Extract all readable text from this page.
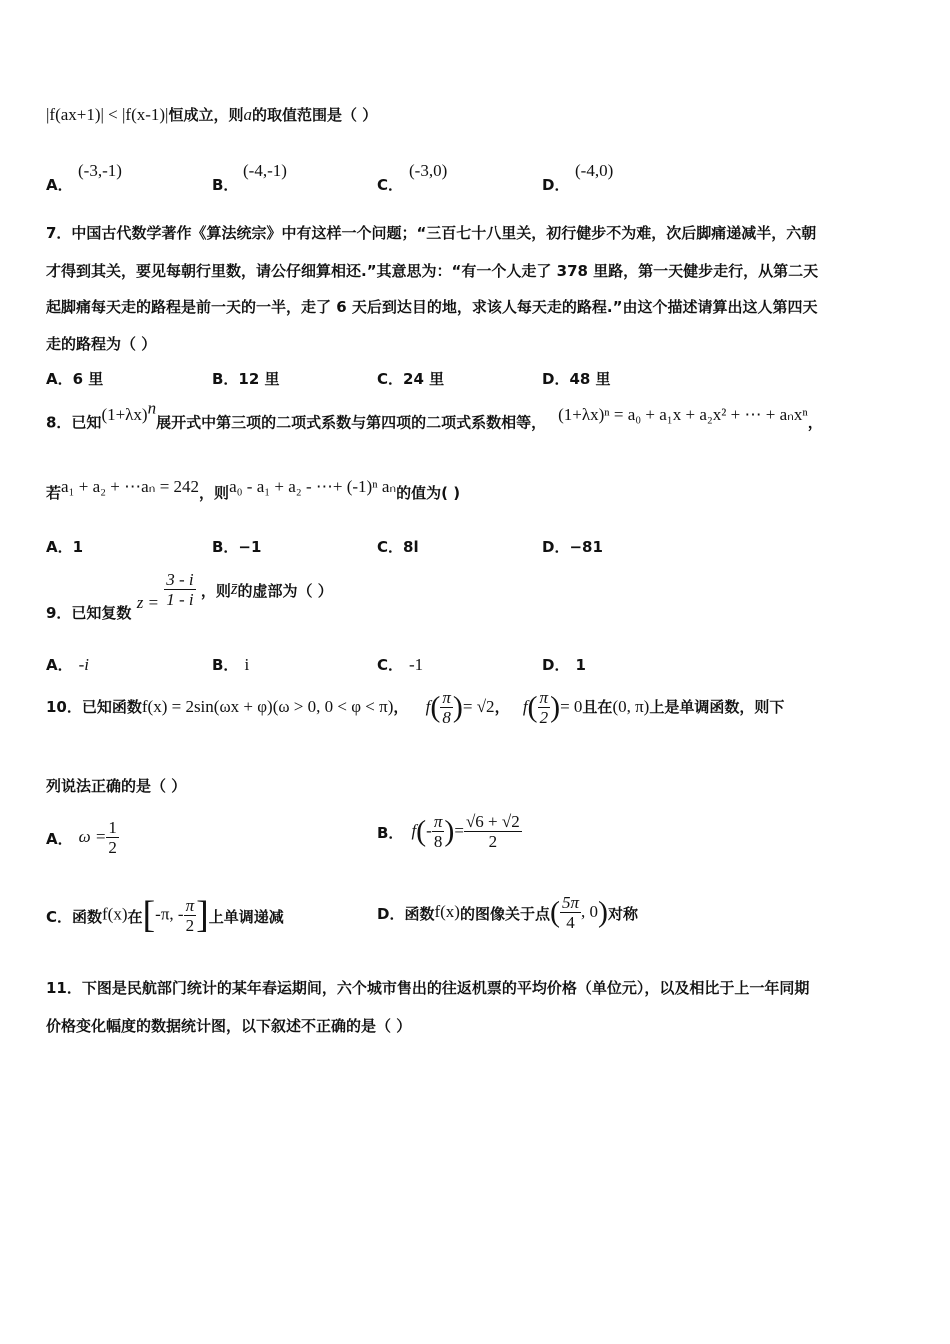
|f(ax+1)| < |f(x-1)|恒成立，则a的取值范围是（ ）
A．
(-3,-1)
B．
(-4,-1)
C．
(-3,0)
D．
(-4,0)
7．中国古代数学著作《算法统宗》中有这样一个问题；“三百七十八里关，初行健步不为难，次后脚痛递减半，六朝
才得到其关，要见每朝行里数，请公仔细算相还.”其意思为：“有一个人走了 378 里路，第一天健步走行，从第二天
起脚痛每天走的路程是前一天的一半，走了 6 天后到达目的地，求该人每天走的路程.”由这个描述请算出这人第四天
走的路程为（ ）
A．6 里	B．12 里	C．24 里	D．48 里
8．已知$(1+\lambda x)^n$展开式中第三项的二项式系数与第四项的二项式系数相等， (1+λx)ⁿ = a₀ + a₁x + a₂x² + ⋯ + aₙxⁿ，
若a₁ + a₂ + ⋯aₙ = 242，则a₀ - a₁ + a₂ - ⋯+ (-1)ⁿ aₙ的值为( )
A．1	B．−1	C．8l	D．−81
9．已知复数 $z = \frac{3 - i}{1 - i}$ ，则z̄的虚部为（ ）
A． -i	B． i	C． -1	D． 1
10．已知函数f(x) = 2sin(ωx + φ)(ω > 0, 0 < φ < π)， $f( \frac{\pi}{8}$ )= √2， $f( \frac{\pi}{2}$ )= 0且在(0, π)上是单调函数，则下
列说法正确的是（ ）
A． $\omega = \frac{1}{2}$	B． $f(- \frac{\pi}{8}$ )= $\frac{√6 + √2}{2}$
C．函数f(x)在[-π, - $\frac{\pi}{2}$ ]上单调递减	D．函数f(x)的图像关于点( $\frac{5\pi}{4}$ , 0)对称
11．下图是民航部门统计的某年春运期间，六个城市售出的往返机票的平均价格（单位元），以及相比于上一年同期
价格变化幅度的数据统计图，以下叙述不正确的是（ ）
